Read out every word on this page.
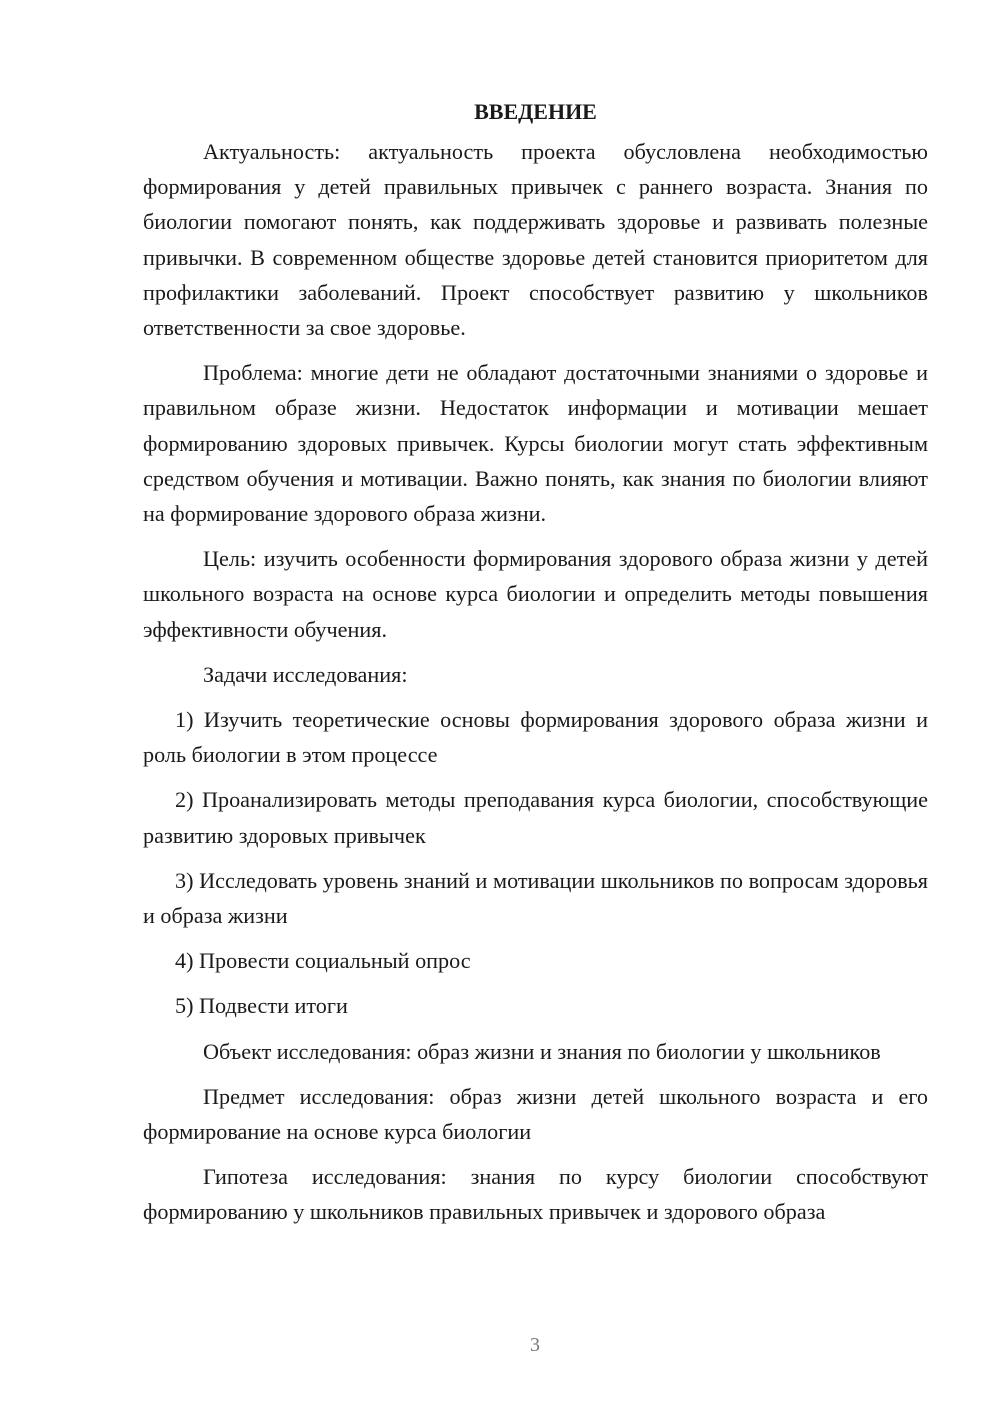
ВВЕДЕНИЕ

Актуальность: актуальность проекта обусловлена необходимостью формирования у детей правильных привычек с раннего возраста. Знания по биологии помогают понять, как поддерживать здоровье и развивать полезные привычки. В современном обществе здоровье детей становится приоритетом для профилактики заболеваний. Проект способствует развитию у школьников ответственности за свое здоровье.

Проблема: многие дети не обладают достаточными знаниями о здоровье и правильном образе жизни. Недостаток информации и мотивации мешает формированию здоровых привычек. Курсы биологии могут стать эффективным средством обучения и мотивации. Важно понять, как знания по биологии влияют на формирование здорового образа жизни.

Цель: изучить особенности формирования здорового образа жизни у детей школьного возраста на основе курса биологии и определить методы повышения эффективности обучения.

Задачи исследования:

1) Изучить теоретические основы формирования здорового образа жизни и роль биологии в этом процессе

2) Проанализировать методы преподавания курса биологии, способствующие развитию здоровых привычек

3) Исследовать уровень знаний и мотивации школьников по вопросам здоровья и образа жизни

4) Провести социальный опрос

5) Подвести итоги

Объект исследования: образ жизни и знания по биологии у школьников

Предмет исследования: образ жизни детей школьного возраста и его формирование на основе курса биологии

Гипотеза исследования: знания по курсу биологии способствуют формированию у школьников правильных привычек и здорового образа

3
